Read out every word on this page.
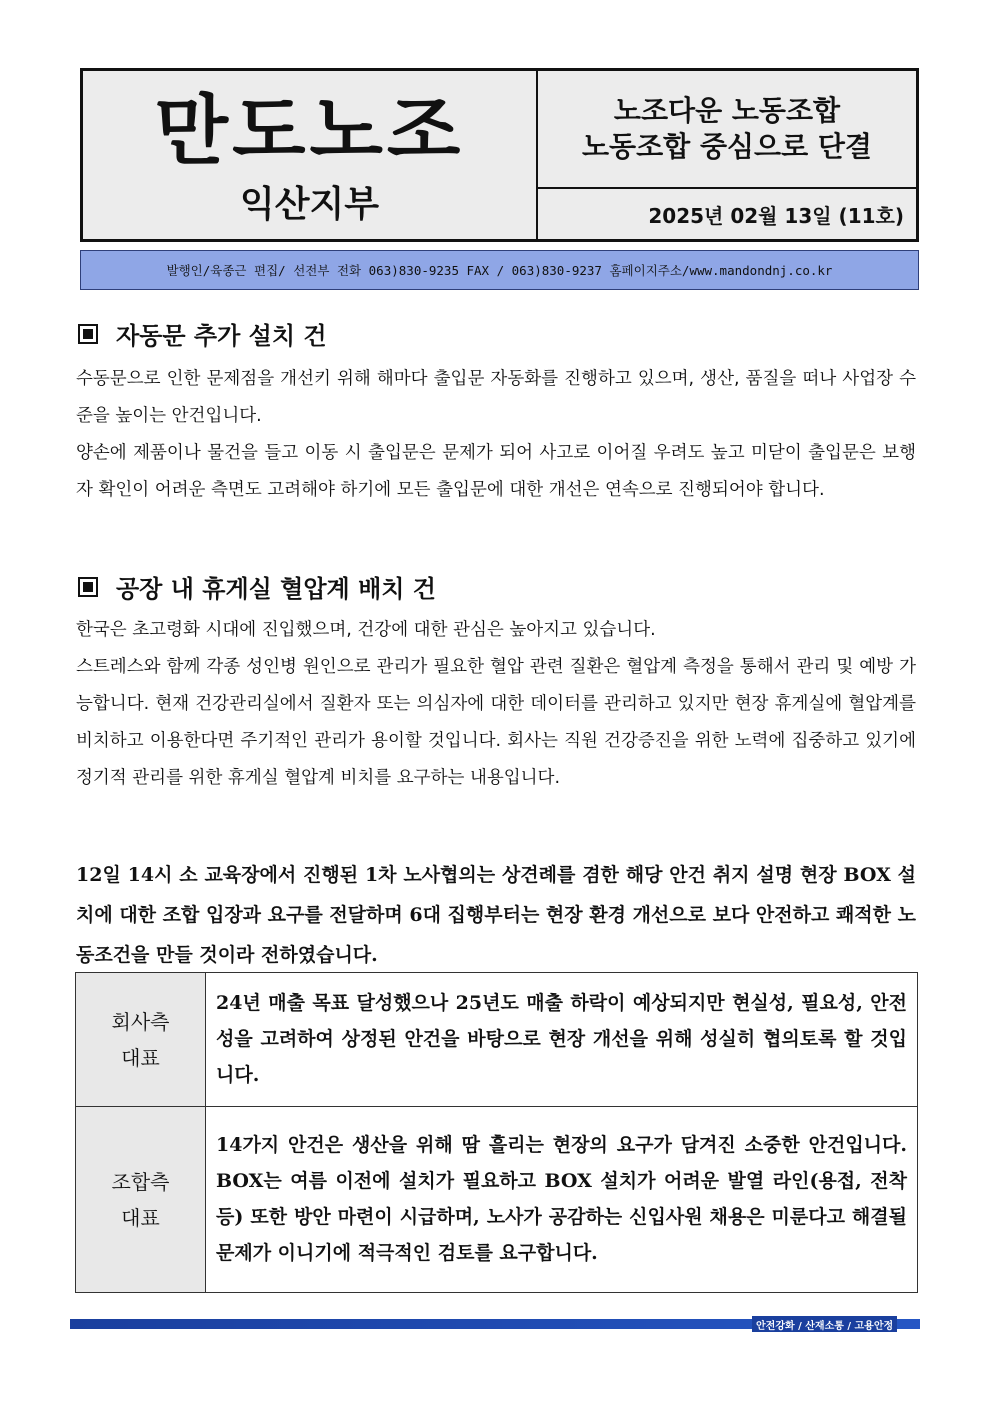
만도노조
익산지부
노조다운 노동조합
노동조합 중심으로 단결
2025년 02월 13일 (11호)
발행인/육종근 편집/ 선전부 전화 063)830-9235 FAX / 063)830-9237 홈페이지주소/www.mandondnj.co.kr
자동문 추가 설치 건
수동문으로 인한 문제점을 개선키 위해 해마다 출입문 자동화를 진행하고 있으며, 생산, 품질을 떠나 사업장 수준을 높이는 안건입니다.
양손에 제품이나 물건을 들고 이동 시 출입문은 문제가 되어 사고로 이어질 우려도 높고 미닫이 출입문은 보행자 확인이 어려운 측면도 고려해야 하기에 모든 출입문에 대한 개선은 연속으로 진행되어야 합니다.
공장 내 휴게실 혈압계 배치 건
한국은 초고령화 시대에 진입했으며, 건강에 대한 관심은 높아지고 있습니다.
스트레스와 함께 각종 성인병 원인으로 관리가 필요한 혈압 관련 질환은 혈압계 측정을 통해서 관리 및 예방 가능합니다. 현재 건강관리실에서 질환자 또는 의심자에 대한 데이터를 관리하고 있지만 현장 휴게실에 혈압계를 비치하고 이용한다면 주기적인 관리가 용이할 것입니다. 회사는 직원 건강증진을 위한 노력에 집중하고 있기에 정기적 관리를 위한 휴게실 혈압계 비치를 요구하는 내용입니다.
12일 14시 소 교육장에서 진행된 1차 노사협의는 상견례를 겸한 해당 안건 취지 설명 현장 BOX 설치에 대한 조합 입장과 요구를 전달하며 6대 집행부터는 현장 환경 개선으로 보다 안전하고 쾌적한 노동조건을 만들 것이라 전하였습니다.
회사측
대표	24년 매출 목표 달성했으나 25년도 매출 하락이 예상되지만 현실성, 필요성, 안전성을 고려하여 상정된 안건을 바탕으로 현장 개선을 위해 성실히 협의토록 할 것입니다.

조합측
대표	14가지 안건은 생산을 위해 땀 흘리는 현장의 요구가 담겨진 소중한 안건입니다. BOX는 여름 이전에 설치가 필요하고 BOX 설치가 어려운 발열 라인(용접, 전착 등) 또한 방안 마련이 시급하며, 노사가 공감하는 신입사원 채용은 미룬다고 해결될 문제가 이니기에 적극적인 검토를 요구합니다.
안전강화 / 산재소통 / 고용안정
